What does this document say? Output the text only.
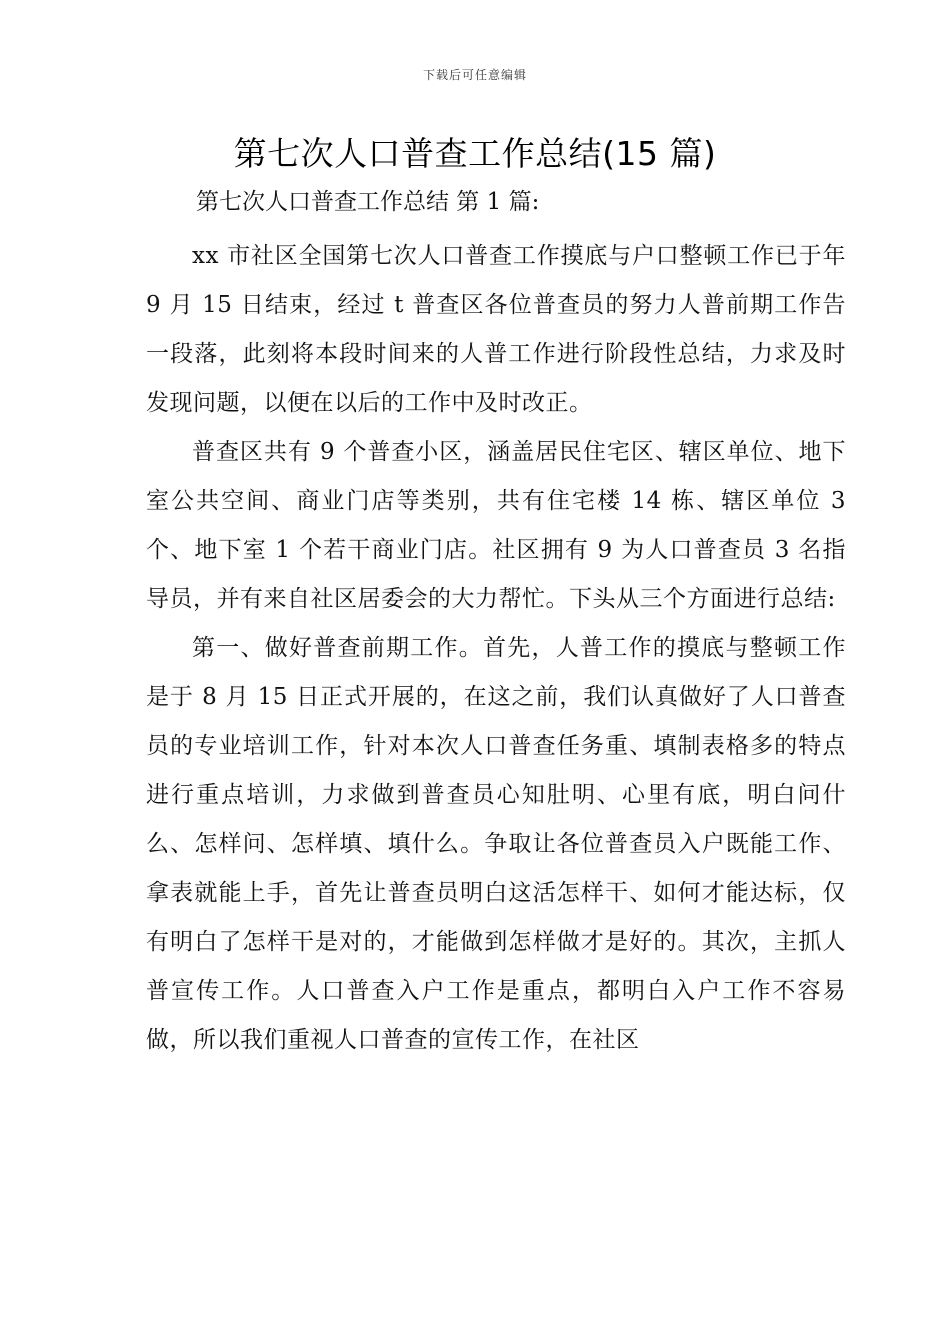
下载后可任意编辑
第七次人口普查工作总结(15 篇)
第七次人口普查工作总结 第 1 篇:

xx 市社区全国第七次人口普查工作摸底与户口整顿工作已于年 9 月 15 日结束，经过 t 普查区各位普查员的努力人普前期工作告一段落，此刻将本段时间来的人普工作进行阶段性总结，力求及时发现问题，以便在以后的工作中及时改正。

普查区共有 9 个普查小区，涵盖居民住宅区、辖区单位、地下室公共空间、商业门店等类别，共有住宅楼 14 栋、辖区单位 3 个、地下室 1 个若干商业门店。社区拥有 9 为人口普查员 3 名指导员，并有来自社区居委会的大力帮忙。下头从三个方面进行总结:

第一、做好普查前期工作。首先，人普工作的摸底与整顿工作是于 8 月 15 日正式开展的，在这之前，我们认真做好了人口普查员的专业培训工作，针对本次人口普查任务重、填制表格多的特点进行重点培训，力求做到普查员心知肚明、心里有底，明白问什么、怎样问、怎样填、填什么。争取让各位普查员入户既能工作、拿表就能上手，首先让普查员明白这活怎样干、如何才能达标，仅有明白了怎样干是对的，才能做到怎样做才是好的。其次，主抓人普宣传工作。人口普查入户工作是重点，都明白入户工作不容易做，所以我们重视人口普查的宣传工作，在社区
